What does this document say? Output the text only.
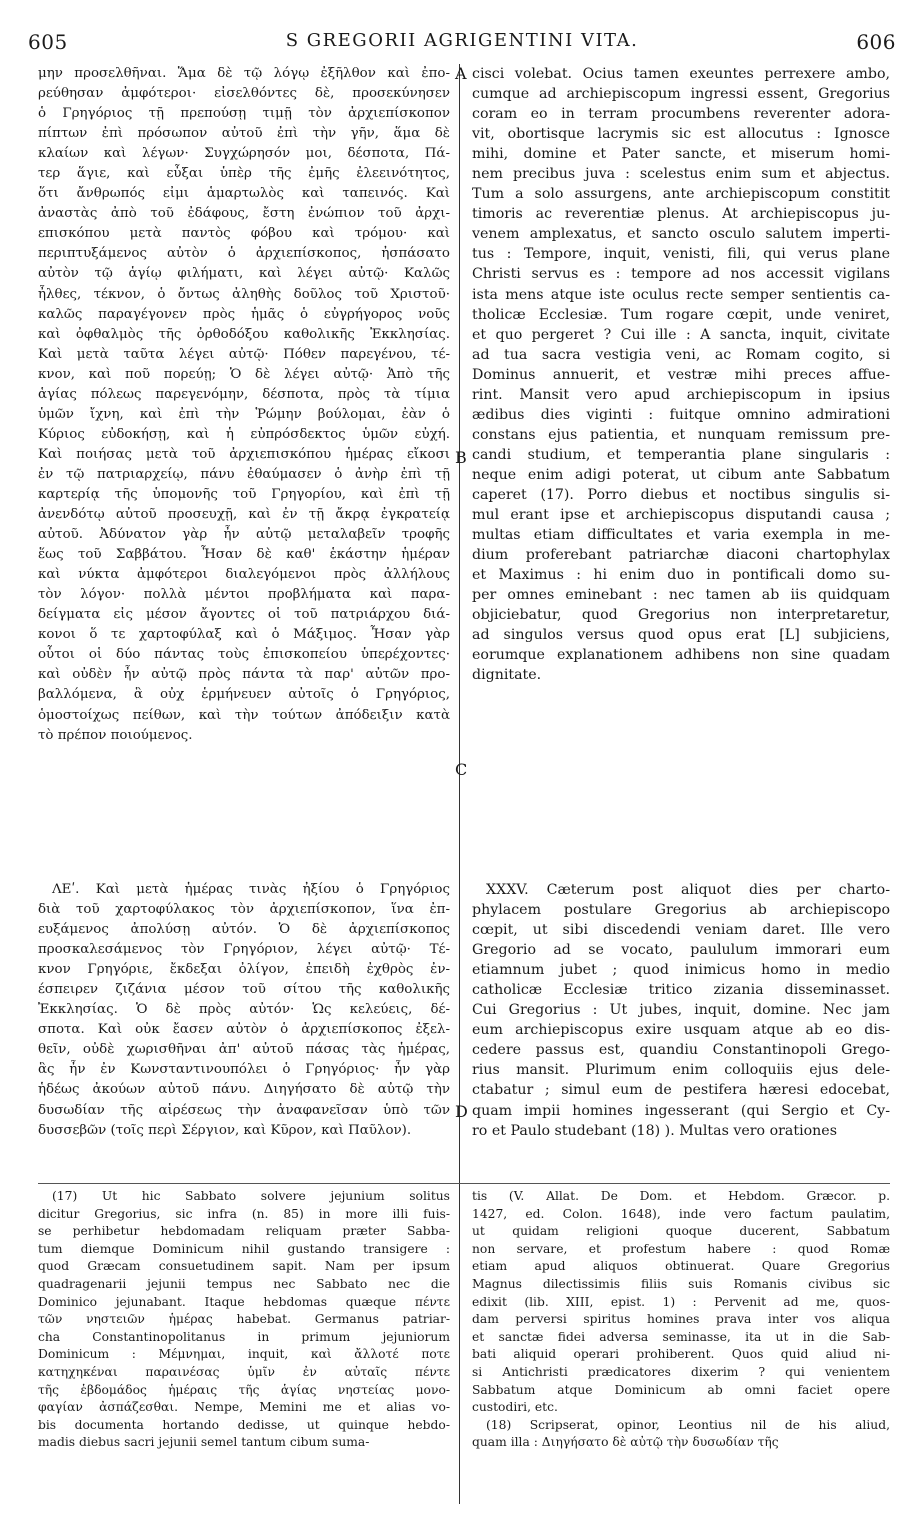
605	S GREGORII AGRIGENTINI VITA.	606
μην προσελθῆναι. Ἅμα δὲ τῷ λόγῳ ἐξῆλθον καὶ ἐπο-
ρεύθησαν ἀμφότεροι· εἰσελθόντες δὲ, προσεκύνησεν
ὁ Γρηγόριος τῇ πρεπούσῃ τιμῇ τὸν ἀρχιεπίσκοπον
πίπτων ἐπὶ πρόσωπον αὐτοῦ ἐπὶ τὴν γῆν, ἅμα δὲ
κλαίων καὶ λέγων· Συγχώρησόν μοι, δέσποτα, Πά-
τερ ἅγιε, καὶ εὖξαι ὑπὲρ τῆς ἐμῆς ἐλεεινότητος,
ὅτι ἄνθρωπός εἰμι ἁμαρτωλὸς καὶ ταπεινός. Καὶ
ἀναστὰς ἀπὸ τοῦ ἐδάφους, ἔστη ἐνώπιον τοῦ ἀρχι-
επισκόπου μετὰ παντὸς φόβου καὶ τρόμου· καὶ
περιπτυξάμενος αὐτὸν ὁ ἀρχιεπίσκοπος, ἠσπάσατο
αὐτὸν τῷ ἁγίῳ φιλήματι, καὶ λέγει αὐτῷ· Καλῶς
ἦλθες, τέκνον, ὁ ὄντως ἀληθὴς δοῦλος τοῦ Χριστοῦ·
καλῶς παραγέγονεν πρὸς ἡμᾶς ὁ εὐγρήγορος νοῦς
καὶ ὀφθαλμὸς τῆς ὀρθοδόξου καθολικῆς Ἐκκλησίας.
Καὶ μετὰ ταῦτα λέγει αὐτῷ· Πόθεν παρεγένου, τέ-
κνον, καὶ ποῦ πορεύῃ; Ὁ δὲ λέγει αὐτῷ· Ἀπὸ τῆς
ἁγίας πόλεως παρεγενόμην, δέσποτα, πρὸς τὰ τίμια
ὑμῶν ἴχνη, καὶ ἐπὶ τὴν Ῥώμην βούλομαι, ἐὰν ὁ
Κύριος εὐδοκήσῃ, καὶ ἡ εὐπρόσδεκτος ὑμῶν εὐχή.
Καὶ ποιήσας μετὰ τοῦ ἀρχιεπισκόπου ἡμέρας εἴκοσι
ἐν τῷ πατριαρχείῳ, πάνυ ἐθαύμασεν ὁ ἀνὴρ ἐπὶ τῇ
καρτερίᾳ τῆς ὑπομονῆς τοῦ Γρηγορίου, καὶ ἐπὶ τῇ
ἀνενδότῳ αὐτοῦ προσευχῇ, καὶ ἐν τῇ ἄκρᾳ ἐγκρατείᾳ
αὐτοῦ. Ἀδύνατον γὰρ ἦν αὐτῷ μεταλαβεῖν τροφῆς
ἕως τοῦ Σαββάτου. Ἦσαν δὲ καθ' ἑκάστην ἡμέραν
καὶ νύκτα ἀμφότεροι διαλεγόμενοι πρὸς ἀλλήλους
τὸν λόγον· πολλὰ μέντοι προβλήματα καὶ παρα-
δείγματα εἰς μέσον ἄγοντες οἱ τοῦ πατριάρχου διά-
κονοι ὅ τε χαρτοφύλαξ καὶ ὁ Μάξιμος. Ἦσαν γὰρ
οὗτοι οἱ δύο πάντας τοὺς ἐπισκοπείου ὑπερέχοντες·
καὶ οὐδὲν ἦν αὐτῷ πρὸς πάντα τὰ παρ' αὐτῶν προ-
βαλλόμενα, ἃ οὐχ ἑρμήνευεν αὐτοῖς ὁ Γρηγόριος,
ὁμοστοίχως πείθων, καὶ τὴν τούτων ἀπόδειξιν κατὰ
τὸ πρέπον ποιούμενος.
cisci volebat. Ocius tamen exeuntes perrexere ambo,
cumque ad archiepiscopum ingressi essent, Gregorius
coram eo in terram procumbens reverenter adora-
vit, obortisque lacrymis sic est allocutus : Ignosce
mihi, domine et Pater sancte, et miserum homi-
nem precibus juva : scelestus enim sum et abjectus.
Tum a solo assurgens, ante archiepiscopum constitit
timoris ac reverentiæ plenus. At archiepiscopus ju-
venem amplexatus, et sancto osculo salutem imperti-
tus : Tempore, inquit, venisti, fili, qui verus plane
Christi servus es : tempore ad nos accessit vigilans
ista mens atque iste oculus recte semper sentientis ca-
tholicæ Ecclesiæ. Tum rogare cœpit, unde veniret,
et quo pergeret ? Cui ille : A sancta, inquit, civitate
ad tua sacra vestigia veni, ac Romam cogito, si
Dominus annuerit, et vestræ mihi preces affue-
rint. Mansit vero apud archiepiscopum in ipsius
ædibus dies viginti : fuitque omnino admirationi
constans ejus patientia, et nunquam remissum pre-
candi studium, et temperantia plane singularis :
neque enim adigi poterat, ut cibum ante Sabbatum
caperet (17). Porro diebus et noctibus singulis si-
mul erant ipse et archiepiscopus disputandi causa ;
multas etiam difficultates et varia exempla in me-
dium proferebant patriarchæ diaconi chartophylax
et Maximus : hi enim duo in pontificali domo su-
per omnes eminebant : nec tamen ab iis quidquam
objiciebatur, quod Gregorius non interpretaretur,
ad singulos versus quod opus erat [L] subjiciens,
eorumque explanationem adhibens non sine quadam
dignitate.
ΛΕʹ. Καὶ μετὰ ἡμέρας τινὰς ἠξίου ὁ Γρηγόριος
διὰ τοῦ χαρτοφύλακος τὸν ἀρχιεπίσκοπον, ἵνα ἐπ-
ευξάμενος ἀπολύσῃ αὐτόν. Ὁ δὲ ἀρχιεπίσκοπος
προσκαλεσάμενος τὸν Γρηγόριον, λέγει αὐτῷ· Τέ-
κνον Γρηγόριε, ἔκδεξαι ὀλίγον, ἐπειδὴ ἐχθρὸς ἐν-
έσπειρεν ζιζάνια μέσον τοῦ σίτου τῆς καθολικῆς
Ἐκκλησίας. Ὁ δὲ πρὸς αὐτόν· Ὡς κελεύεις, δέ-
σποτα. Καὶ οὐκ ἔασεν αὐτὸν ὁ ἀρχιεπίσκοπος ἐξελ-
θεῖν, οὐδὲ χωρισθῆναι ἀπ' αὐτοῦ πάσας τὰς ἡμέρας,
ἃς ἦν ἐν Κωνσταντινουπόλει ὁ Γρηγόριος· ἦν γὰρ
ἡδέως ἀκούων αὐτοῦ πάνυ. Διηγήσατο δὲ αὐτῷ τὴν
δυσωδίαν τῆς αἱρέσεως τὴν ἀναφανεῖσαν ὑπὸ τῶν
δυσσεβῶν (τοῖς περὶ Σέργιον, καὶ Κῦρον, καὶ Παῦλον).
XXXV. Cæterum post aliquot dies per charto-
phylacem postulare Gregorius ab archiepiscopo
cœpit, ut sibi discedendi veniam daret. Ille vero
Gregorio ad se vocato, paululum immorari eum
etiamnum jubet ; quod inimicus homo in medio
catholicæ Ecclesiæ tritico zizania disseminasset.
Cui Gregorius : Ut jubes, inquit, domine. Nec jam
eum archiepiscopus exire usquam atque ab eo dis-
cedere passus est, quandiu Constantinopoli Grego-
rius mansit. Plurimum enim colloquiis ejus dele-
ctabatur ; simul eum de pestifera hæresi edocebat,
quam impii homines ingesserant (qui Sergio et Cy-
ro et Paulo studebant (18) ). Multas vero orationes
(17) Ut hic Sabbato solvere jejunium solitus
dicitur Gregorius, sic infra (n. 85) in more illi fuis-
se perhibetur hebdomadam reliquam præter Sabba-
tum diemque Dominicum nihil gustando transigere :
quod Græcam consuetudinem sapit. Nam per ipsum
quadragenarii jejunii tempus nec Sabbato nec die
Dominico jejunabant. Itaque hebdomas quæque πέντε
τῶν νηστειῶν ἡμέρας habebat. Germanus patriar-
cha Constantinopolitanus in primum jejuniorum
Dominicum : Μέμνημαι, inquit, καὶ ἄλλοτέ ποτε
κατηχηκέναι παραινέσας ὑμῖν ἐν αὐταῖς πέντε
τῆς ἑβδομάδος ἡμέραις τῆς ἁγίας νηστείας μονο-
φαγίαν ἀσπάζεσθαι. Nempe, Memini me et alias vo-
bis documenta hortando dedisse, ut quinque hebdo-
madis diebus sacri jejunii semel tantum cibum suma-
tis (V. Allat. De Dom. et Hebdom. Græcor. p.
1427, ed. Colon. 1648), inde vero factum paulatim,
ut quidam religioni quoque ducerent, Sabbatum
non servare, et profestum habere : quod Romæ
etiam apud aliquos obtinuerat. Quare Gregorius
Magnus dilectissimis filiis suis Romanis civibus sic
edixit (lib. XIII, epist. 1) : Pervenit ad me, quos-
dam perversi spiritus homines prava inter vos aliqua
et sanctæ fidei adversa seminasse, ita ut in die Sab-
bati aliquid operari prohiberent. Quos quid aliud ni-
si Antichristi prædicatores dixerim ? qui venientem
Sabbatum atque Dominicum ab omni faciet opere
custodiri, etc.
(18) Scripserat, opinor, Leontius nil de his aliud,
quam illa : Διηγήσατο δὲ αὐτῷ τὴν δυσωδίαν τῆς
A
B
C
D
